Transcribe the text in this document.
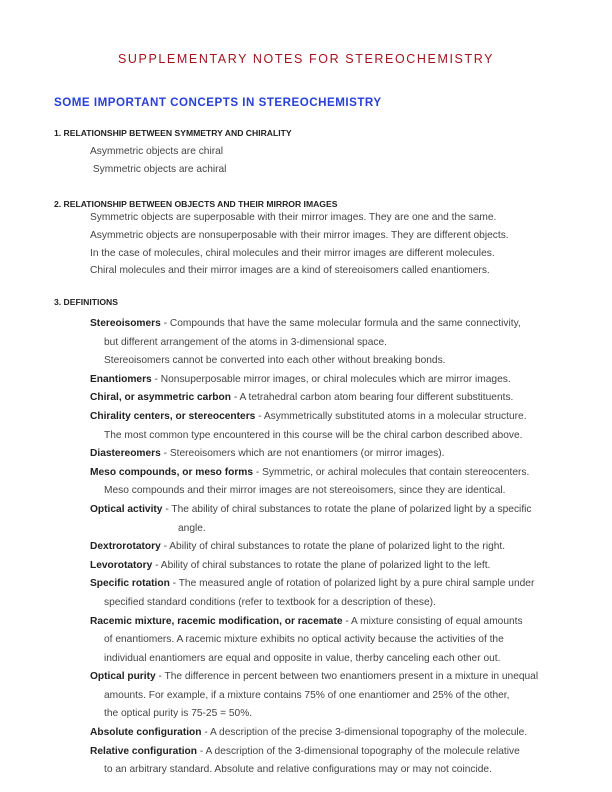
SUPPLEMENTARY NOTES FOR STEREOCHEMISTRY
SOME IMPORTANT CONCEPTS IN STEREOCHEMISTRY
1. RELATIONSHIP BETWEEN SYMMETRY AND CHIRALITY
Asymmetric objects are chiral
Symmetric objects are achiral
2. RELATIONSHIP BETWEEN OBJECTS AND THEIR MIRROR IMAGES
Symmetric objects are superposable with their mirror images. They are one and the same.
Asymmetric objects are nonsuperposable with their mirror images. They are different objects.
In the case of molecules, chiral molecules and their mirror images are different molecules.
Chiral molecules and their mirror images are a kind of stereoisomers called enantiomers.
3. DEFINITIONS
Stereoisomers - Compounds that have the same molecular formula and the same connectivity,
but different arrangement of the atoms in 3-dimensional space.
Stereoisomers cannot be converted into each other without breaking bonds.
Enantiomers - Nonsuperposable mirror images, or chiral molecules which are mirror images.
Chiral, or asymmetric carbon - A tetrahedral carbon atom bearing four different substituents.
Chirality centers, or stereocenters - Asymmetrically substituted atoms in a molecular structure.
The most common type encountered in this course will be the chiral carbon described above.
Diastereomers - Stereoisomers which are not enantiomers (or mirror images).
Meso compounds, or meso forms - Symmetric, or achiral molecules that contain stereocenters.
Meso compounds and their mirror images are not stereoisomers, since they are identical.
Optical activity - The ability of chiral substances to rotate the plane of polarized light by a specific
angle.
Dextrorotatory - Ability of chiral substances to rotate the plane of polarized light to the right.
Levorotatory - Ability of chiral substances to rotate the plane of polarized light to the left.
Specific rotation - The measured angle of rotation of polarized light by a pure chiral sample under
specified standard conditions (refer to textbook for a description of these).
Racemic mixture, racemic modification, or racemate - A mixture consisting of equal amounts
of enantiomers. A racemic mixture exhibits no optical activity because the activities of the
individual enantiomers are equal and opposite in value, therby canceling each other out.
Optical purity - The difference in percent between two enantiomers present in a mixture in unequal
amounts. For example, if a mixture contains 75% of one enantiomer and 25% of the other,
the optical purity is 75-25 = 50%.
Absolute configuration - A description of the precise 3-dimensional topography of the molecule.
Relative configuration - A description of the 3-dimensional topography of the molecule relative
to an arbitrary standard. Absolute and relative configurations may or may not coincide.
